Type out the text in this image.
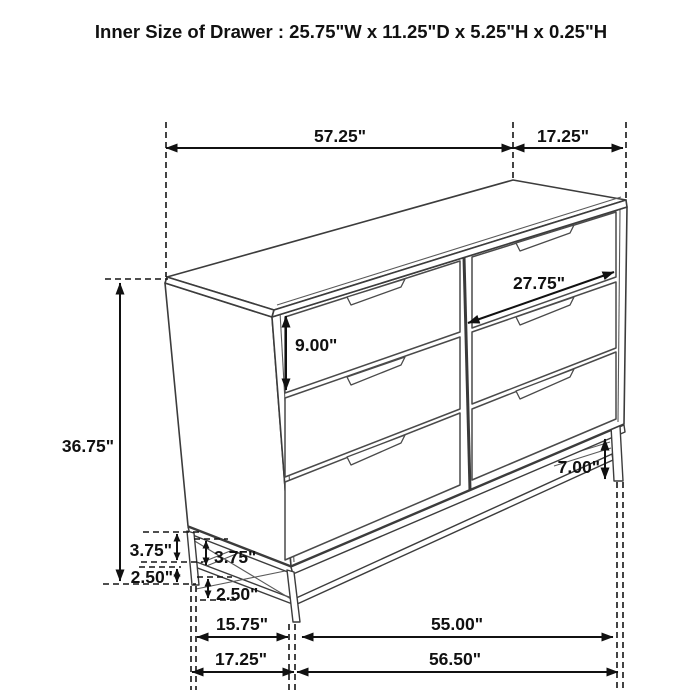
Inner Size of Drawer : 25.75"W x 11.25"D x 5.25"H x 0.25"H
57.25"	17.25"
36.75"
9.00"
27.75"
7.00"
3.75" 3.75"
2.50"
2.50"
15.75"	55.00"
17.25"	56.50"
